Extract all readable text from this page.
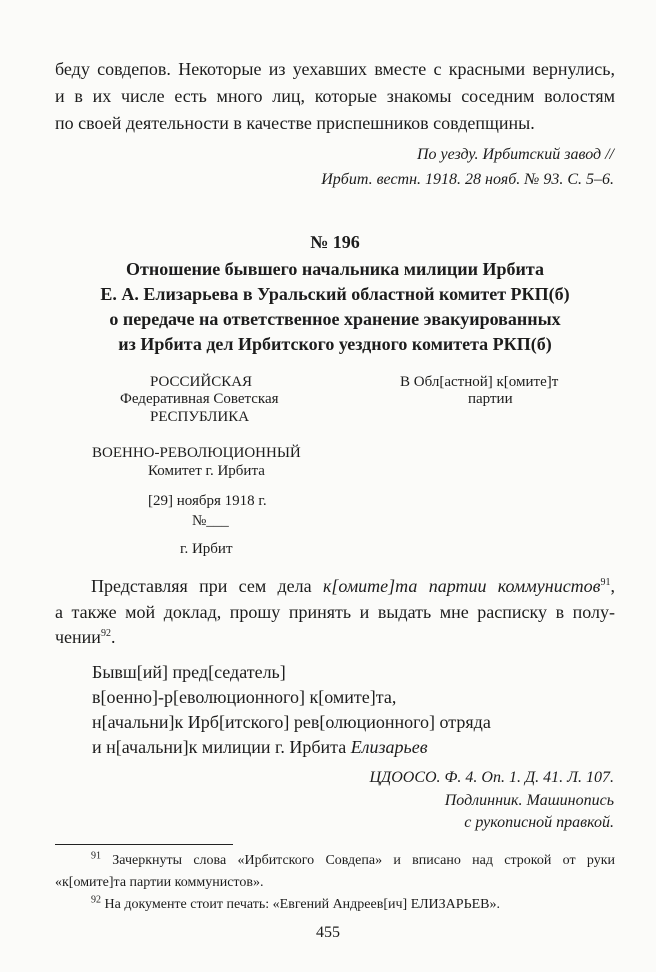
беду совдепов. Некоторые из уехавших вместе с красными вернулись,
и в их числе есть много лиц, которые знакомы соседним волостям
по своей деятельности в качестве приспешников совдепщины.
По уезду. Ирбитский завод //
Ирбит. вестн. 1918. 28 нояб. № 93. С. 5–6.
№ 196
Отношение бывшего начальника милиции Ирбита
Е. А. Елизарьева в Уральский областной комитет РКП(б)
о передаче на ответственное хранение эвакуированных
из Ирбита дел Ирбитского уездного комитета РКП(б)
РОССИЙСКАЯ
Федеративная Советская
РЕСПУБЛИКА
ВОЕННО-РЕВОЛЮЦИОННЫЙ
Комитет г. Ирбита
[29] ноября 1918 г.
№___
г. Ирбит
В Обл[астной] к[омите]т
партии
Представляя при сем дела к[омите]та партии коммунистов$^{91}$,
а также мой доклад, прошу принять и выдать мне расписку в полу-
чении$^{92}$.
Бывш[ий] пред[седатель]
в[оенно]-р[еволюционного] к[омите]та,
н[ачальни]к Ирб[итского] рев[олюционного] отряда
и н[ачальни]к милиции г. Ирбита Елизарьев
ЦДООСО. Ф. 4. Оп. 1. Д. 41. Л. 107.
Подлинник. Машинопись
с рукописной правкой.
$^{91}$ Зачеркнуты слова «Ирбитского Совдепа» и вписано над строкой от руки
«к[омите]та партии коммунистов».
$^{92}$ На документе стоит печать: «Евгений Андреев[ич] ЕЛИЗАРЬЕВ».
455
